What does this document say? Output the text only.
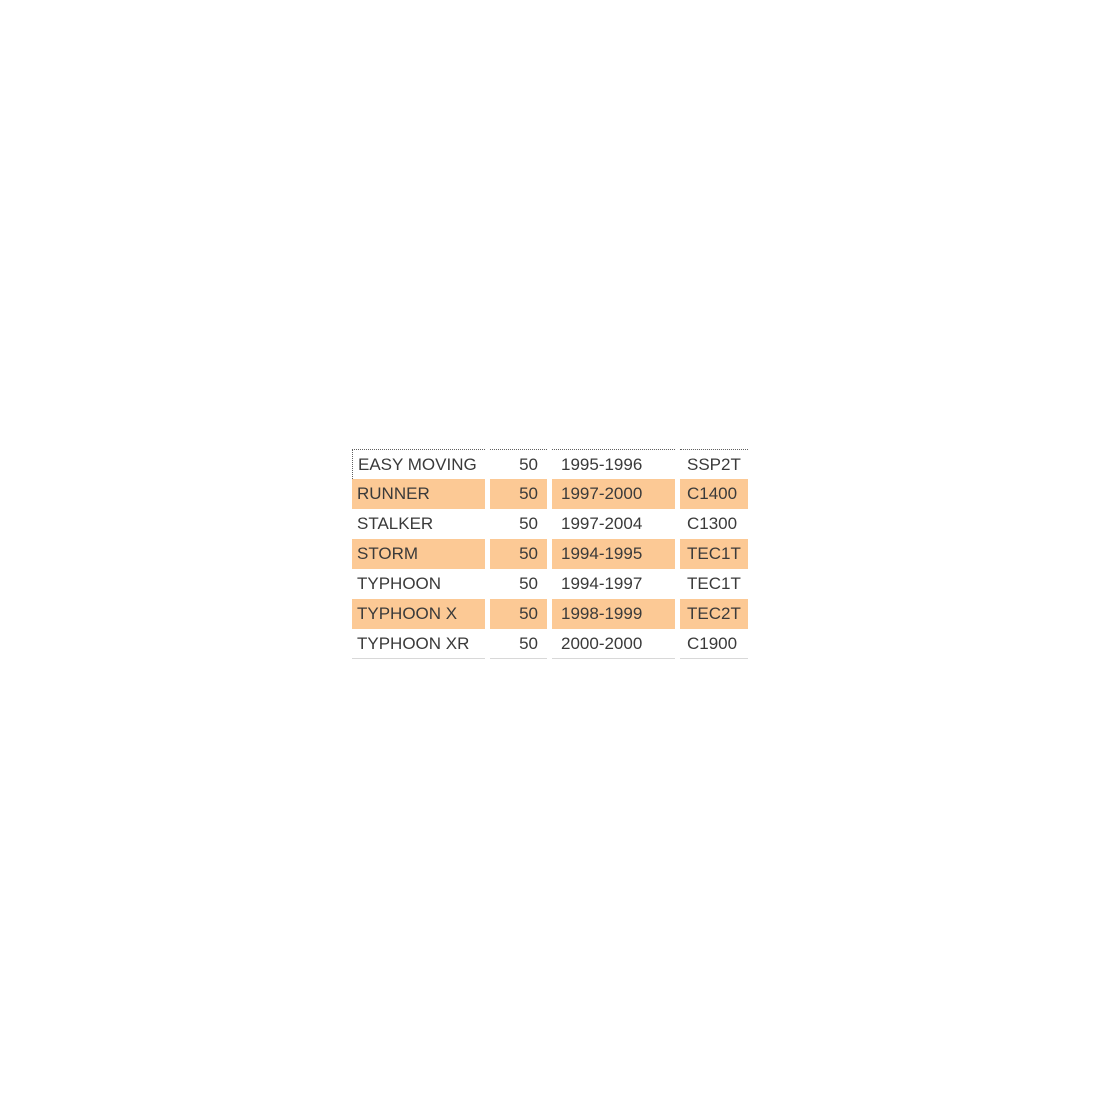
EASY MOVING	50	1995-1996	SSP2T
RUNNER	50	1997-2000	C1400
STALKER	50	1997-2004	C1300
STORM	50	1994-1995	TEC1T
TYPHOON	50	1994-1997	TEC1T
TYPHOON X	50	1998-1999	TEC2T
TYPHOON XR	50	2000-2000	C1900
